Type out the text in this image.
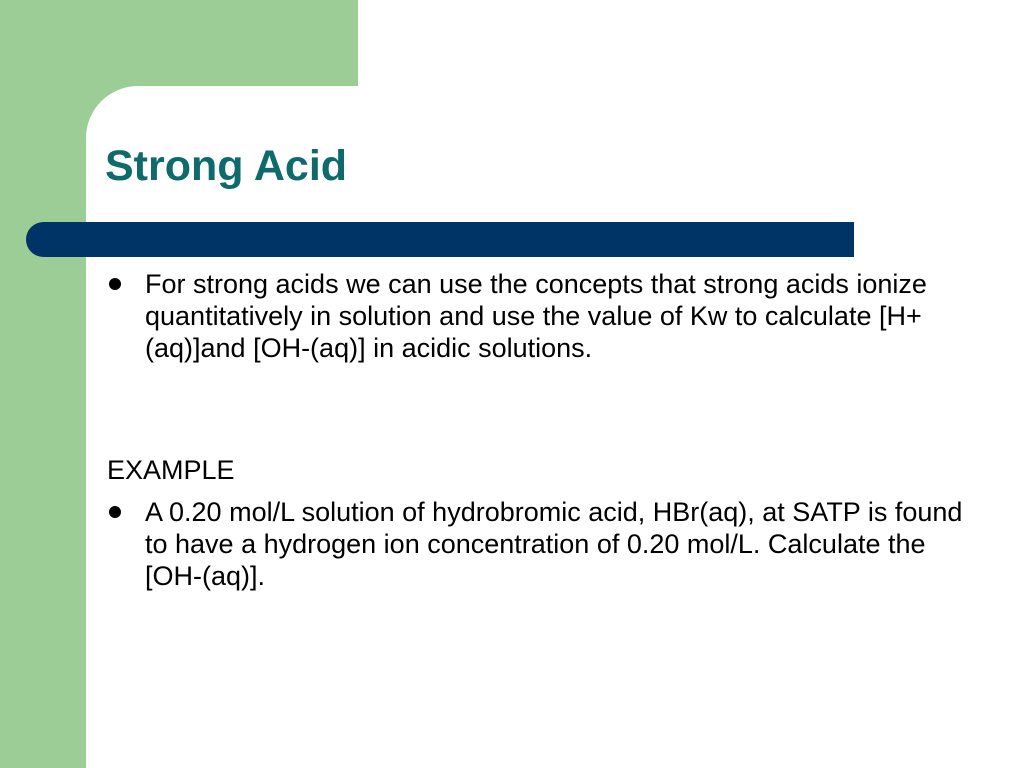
Strong Acid
For strong acids we can use the concepts that strong acids ionize quantitatively in solution and use the value of Kw to calculate [H+(aq)]and [OH-(aq)] in acidic solutions.
EXAMPLE
A 0.20 mol/L solution of hydrobromic acid, HBr(aq), at SATP is found to have a hydrogen ion concentration of 0.20 mol/L. Calculate the [OH-(aq)].
